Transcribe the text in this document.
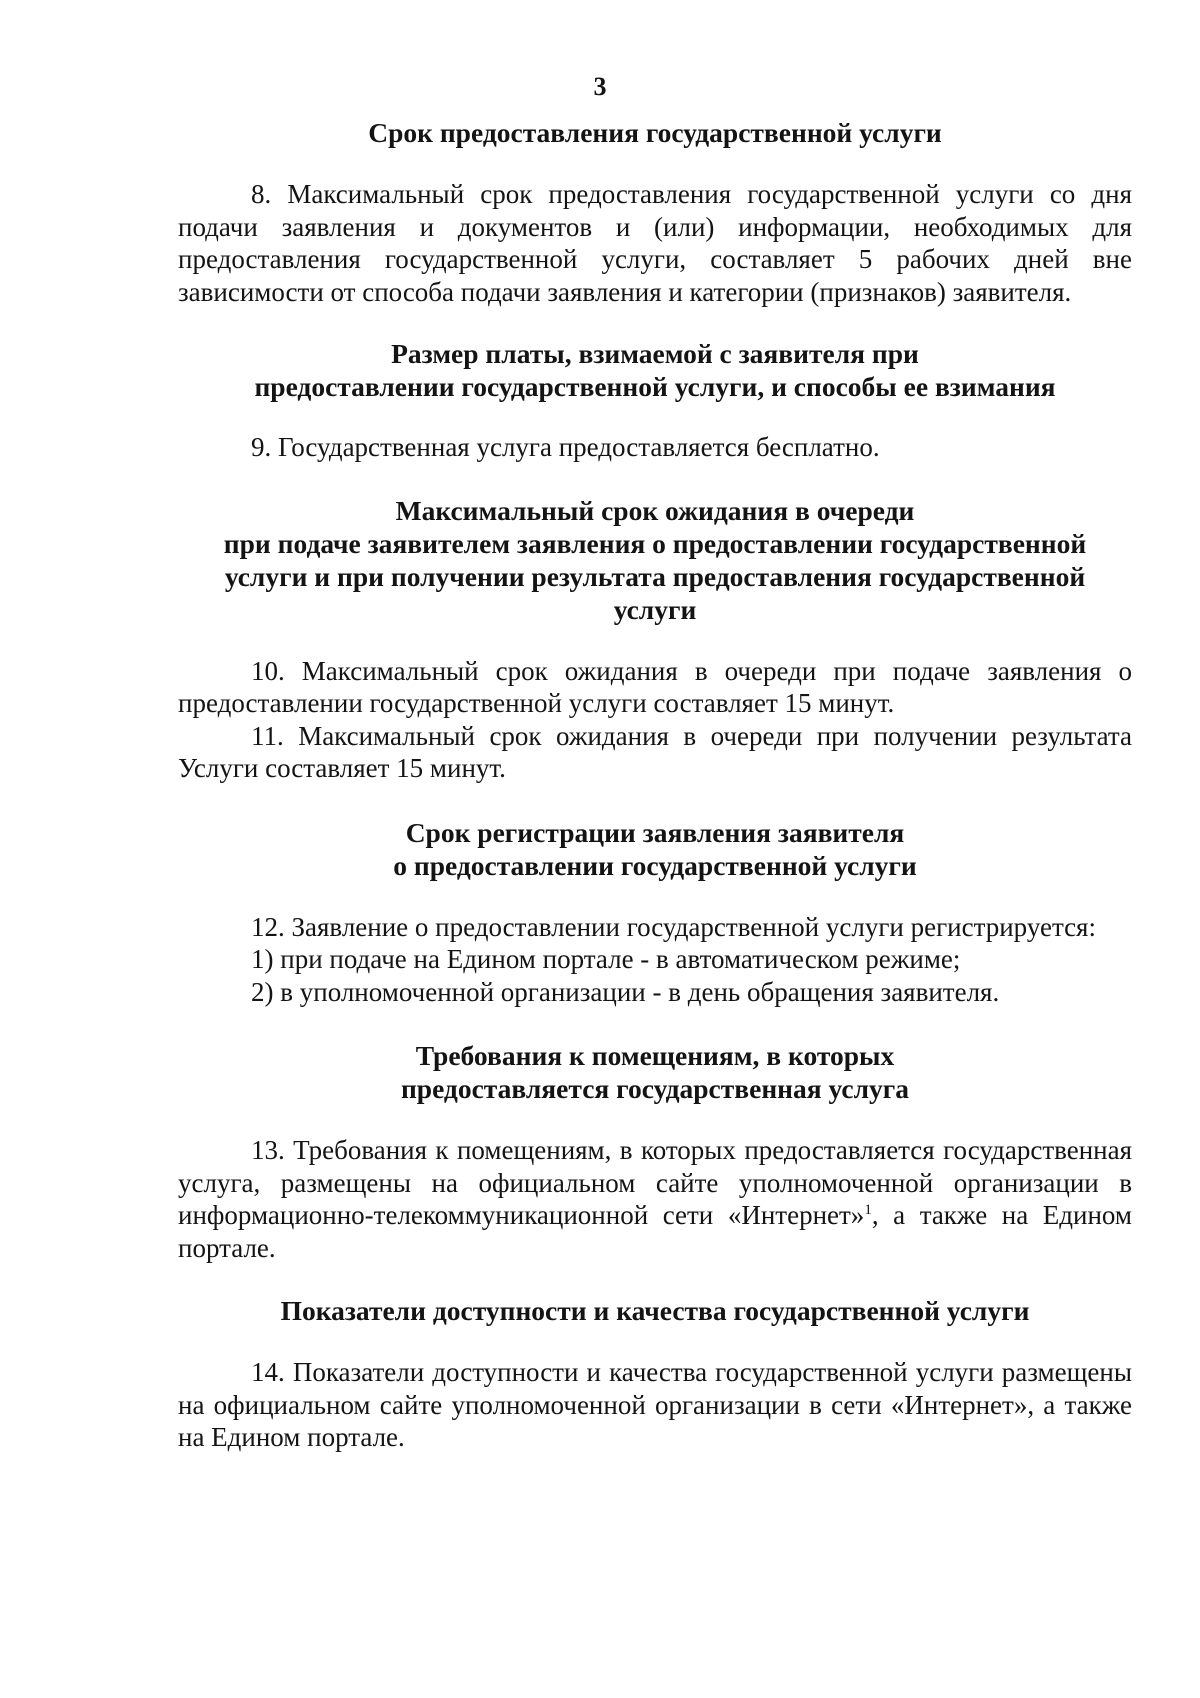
3
Срок предоставления государственной услуги

8. Максимальный срок предоставления государственной услуги со дня подачи заявления и документов и (или) информации, необходимых для предоставления государственной услуги, составляет 5 рабочих дней вне зависимости от способа подачи заявления и категории (признаков) заявителя.

Размер платы, взимаемой с заявителя при
предоставлении государственной услуги, и способы ее взимания

9. Государственная услуга предоставляется бесплатно.

Максимальный срок ожидания в очереди
при подаче заявителем заявления о предоставлении государственной
услуги и при получении результата предоставления государственной
услуги

10. Максимальный срок ожидания в очереди при подаче заявления о предоставлении государственной услуги составляет 15 минут.

11. Максимальный срок ожидания в очереди при получении результата Услуги составляет 15 минут.

Срок регистрации заявления заявителя
о предоставлении государственной услуги

12. Заявление о предоставлении государственной услуги регистрируется:

1) при подаче на Едином портале - в автоматическом режиме;

2) в уполномоченной организации - в день обращения заявителя.

Требования к помещениям, в которых
предоставляется государственная услуга

13. Требования к помещениям, в которых предоставляется государственная услуга, размещены на официальном сайте уполномоченной организации в информационно-телекоммуникационной сети «Интернет»$^1$, а также на Едином портале.

Показатели доступности и качества государственной услуги

14. Показатели доступности и качества государственной услуги размещены на официальном сайте уполномоченной организации в сети «Интернет», а также на Едином портале.
